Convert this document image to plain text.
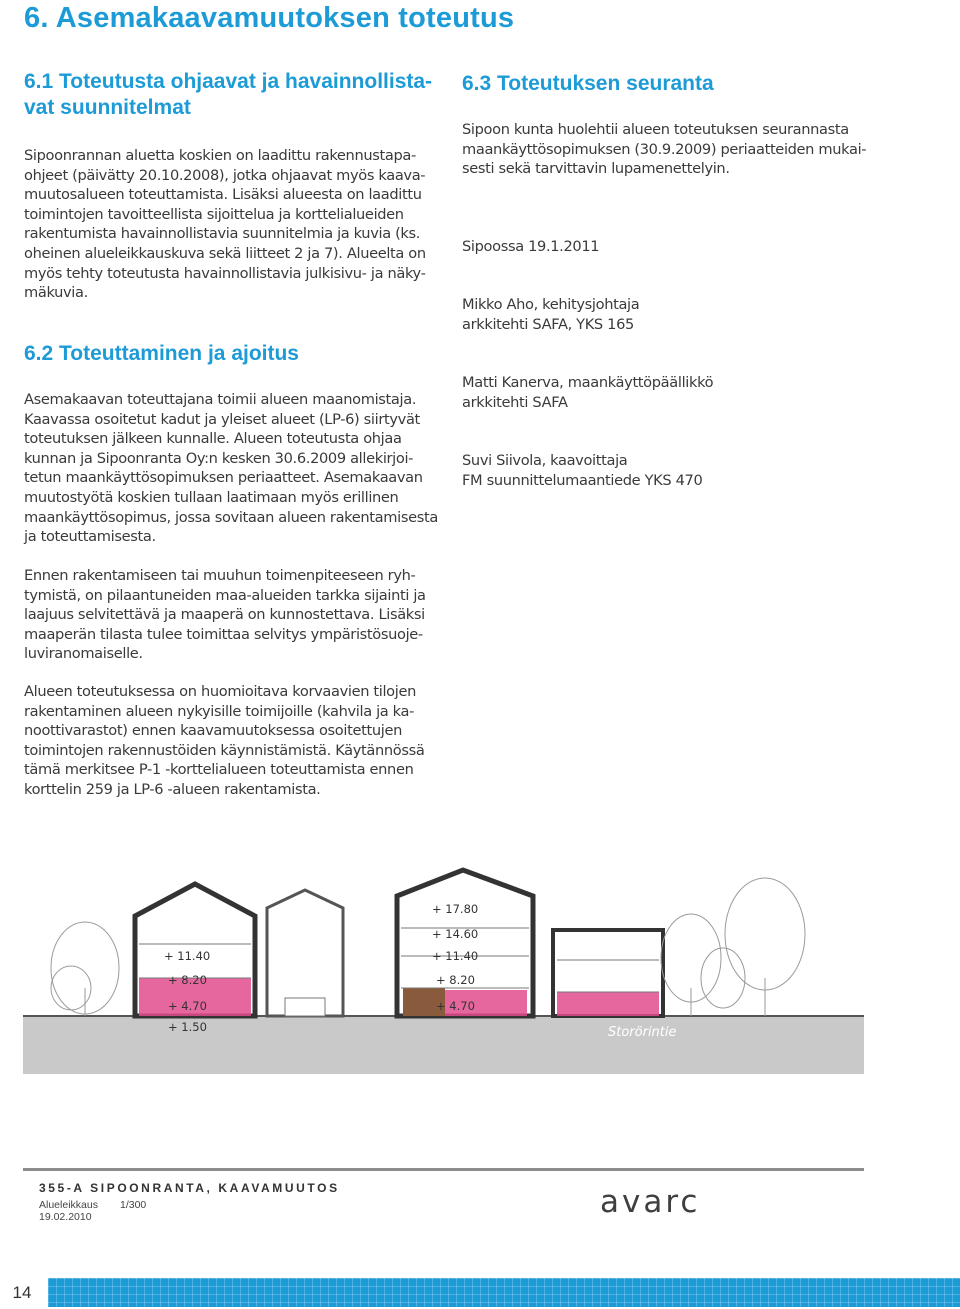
6. Asemakaavamuutoksen toteutus
6.1 Toteutusta ohjaavat ja havainnollista-
vat suunnitelmat

Sipoonrannan aluetta koskien on laadittu rakennustapa-
ohjeet (päivätty 20.10.2008), jotka ohjaavat myös kaava-
muutosalueen toteuttamista. Lisäksi alueesta on laadittu
toimintojen tavoitteellista sijoittelua ja korttelialueiden
rakentumista havainnollistavia suunnitelmia ja kuvia (ks.
oheinen alueleikkauskuva sekä liitteet 2 ja 7). Alueelta on
myös tehty toteutusta havainnollistavia julkisivu- ja näky-
mäkuvia.

6.2 Toteuttaminen ja ajoitus

Asemakaavan toteuttajana toimii alueen maanomistaja.
Kaavassa osoitetut kadut ja yleiset alueet (LP-6) siirtyvät
toteutuksen jälkeen kunnalle. Alueen toteutusta ohjaa
kunnan ja Sipoonranta Oy:n kesken 30.6.2009 allekirjoi-
tetun maankäyttösopimuksen periaatteet. Asemakaavan
muutostyötä koskien tullaan laatimaan myös erillinen
maankäyttösopimus, jossa sovitaan alueen rakentamisesta
ja toteuttamisesta.

Ennen rakentamiseen tai muuhun toimenpiteeseen ryh-
tymistä, on pilaantuneiden maa-alueiden tarkka sijainti ja
laajuus selvitettävä ja maaperä on kunnostettava. Lisäksi
maaperän tilasta tulee toimittaa selvitys ympäristösuoje-
luviranomaiselle.

Alueen toteutuksessa on huomioitava korvaavien tilojen
rakentaminen alueen nykyisille toimijoille (kahvila ja ka-
noottivarastot) ennen kaavamuutoksessa osoitettujen
toimintojen rakennustöiden käynnistämistä. Käytännössä
tämä merkitsee P-1 -korttelialueen toteuttamista ennen
korttelin 259 ja LP-6 -alueen rakentamista.

6.3 Toteutuksen seuranta

Sipoon kunta huolehtii alueen toteutuksen seurannasta
maankäyttösopimuksen (30.9.2009) periaatteiden mukai-
sesti sekä tarvittavin lupamenettelyin.

Sipoossa 19.1.2011

Mikko Aho, kehitysjohtaja

arkkitehti SAFA, YKS 165

Matti Kanerva, maankäyttöpäällikkö

arkkitehti SAFA

Suvi Siivola, kaavoittaja

FM suunnittelumaantiede YKS 470

+ 11.40
+ 8.20
+ 4.70
+ 1.50
+ 17.80
+ 14.60
+ 11.40
+ 8.20
+ 4.70
Storörintie
355-A SIPOONRANTA, KAAVAMUUTOS
Alueleikkaus 1/300
19.02.2010	avarc
14
